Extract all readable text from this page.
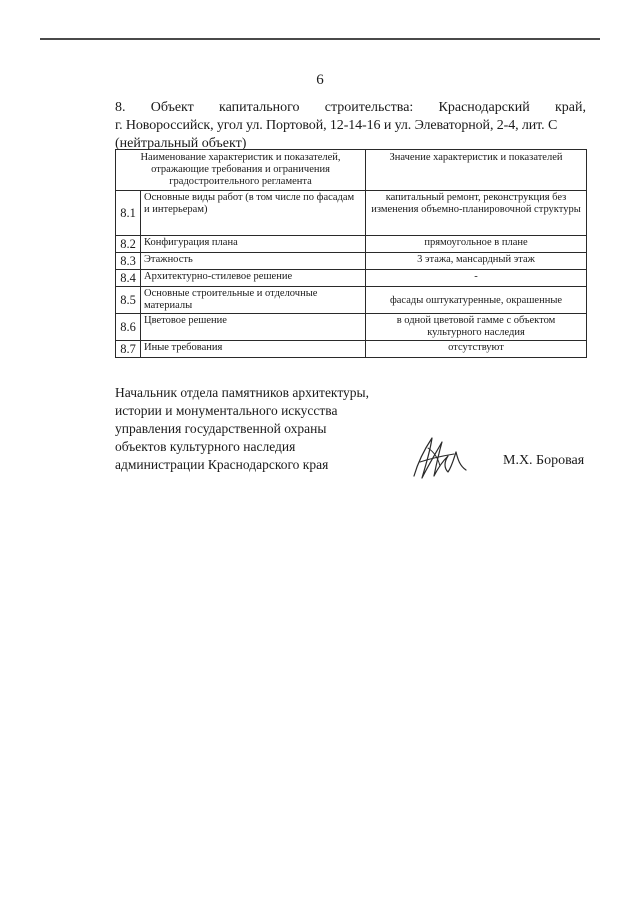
6
8. Объект капитального строительства: Краснодарский край,
г. Новороссийск, угол ул. Портовой, 12-14-16 и ул. Элеваторной, 2-4, лит. С
(нейтральный объект)
Наименование характеристик и показателей, отражающие требования и ограничения градостроительного регламента		Значение характеристик и показателей
8.1	Основные виды работ (в том числе по фасадам и интерьерам)	капитальный ремонт, реконструкция без изменения объемно-планировочной структуры
8.2	Конфигурация плана	прямоугольное в плане
8.3	Этажность	3 этажа, мансардный этаж
8.4	Архитектурно-стилевое решение	-
8.5	Основные строительные и отделочные материалы	фасады оштукатуренные, окрашенные
8.6	Цветовое решение	в одной цветовой гамме с объектом культурного наследия
8.7	Иные требования	отсутствуют
Начальник отдела памятников архитектуры,
истории и монументального искусства
управления государственной охраны
объектов культурного наследия
администрации Краснодарского края	М.Х. Боровая
